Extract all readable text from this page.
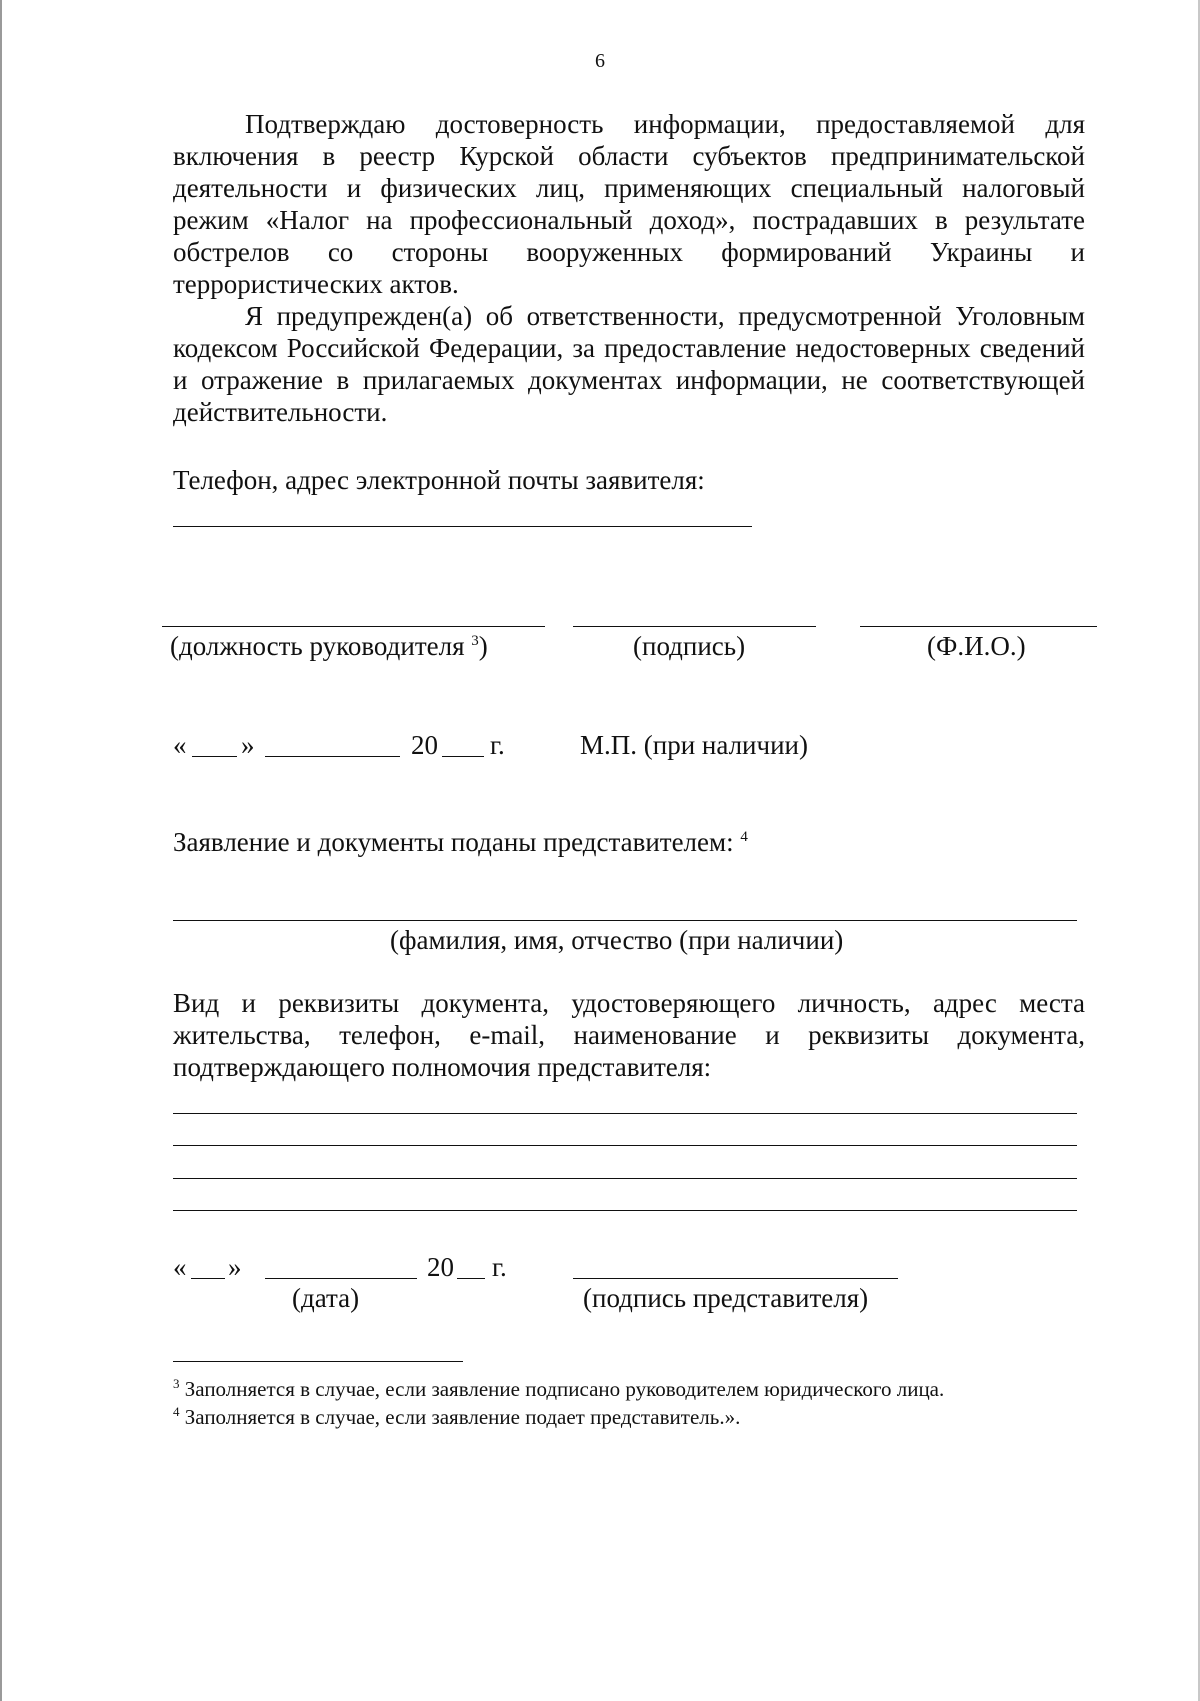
6

Подтверждаю достоверность информации, предоставляемой для включения в реестр Курской области субъектов предпринимательской деятельности и физических лиц, применяющих специальный налоговый режим «Налог на профессиональный доход», пострадавших в результате обстрелов со стороны вооруженных формирований Украины и террористических актов.

Я предупрежден(а) об ответственности, предусмотренной Уголовным кодексом Российской Федерации, за предоставление недостоверных сведений и отражение в прилагаемых документах информации, не соответствующей действительности.

Телефон, адрес электронной почты заявителя:
(должность руководителя $^3$)	(подпись)	(Ф.И.О.)
« »	20 г.	М.П. (при наличии)
Заявление и документы поданы представителем: $^4$
(фамилия, имя, отчество (при наличии)

Вид и реквизиты документа, удостоверяющего личность, адрес места жительства, телефон, e-mail, наименование и реквизиты документа, подтверждающего полномочия представителя:

« »	20 г.
(дата)	(подпись представителя)
$^3$ Заполняется в случае, если заявление подписано руководителем юридического лица.
$^4$ Заполняется в случае, если заявление подает представитель.».
